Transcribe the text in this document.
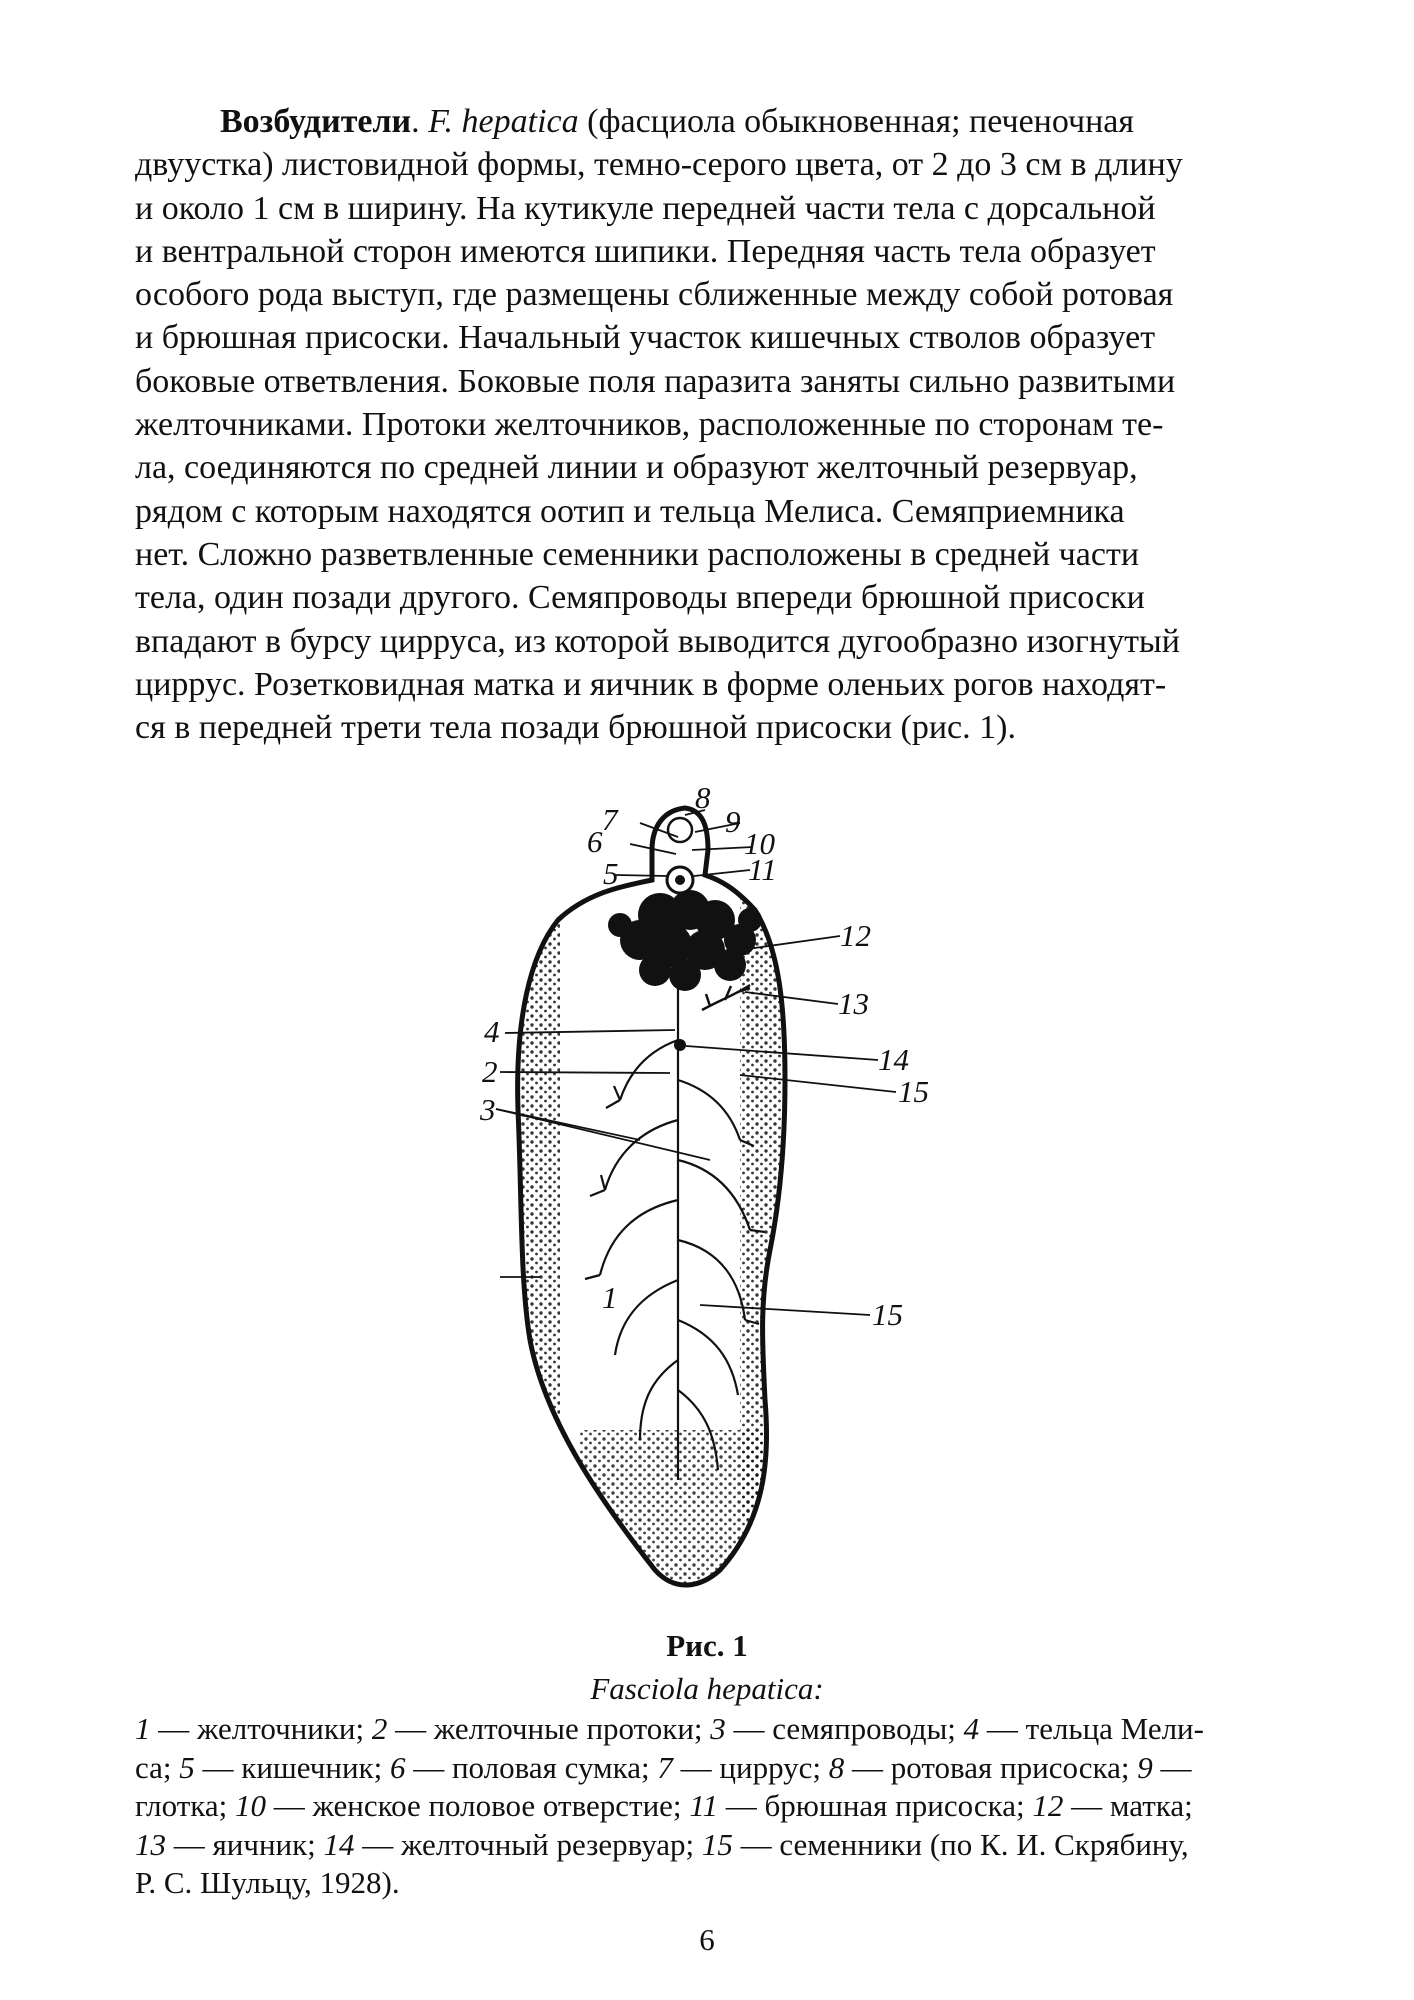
Возбудители. F. hepatica (фасциола обыкновенная; печеночная
двуустка) листовидной формы, темно-серого цвета, от 2 до 3 см в длину
и около 1 см в ширину. На кутикуле передней части тела с дорсальной
и вентральной сторон имеются шипики. Передняя часть тела образует
особого рода выступ, где размещены сближенные между собой ротовая
и брюшная присоски. Начальный участок кишечных стволов образует
боковые ответвления. Боковые поля паразита заняты сильно развитыми
желточниками. Протоки желточников, расположенные по сторонам те-
ла, соединяются по средней линии и образуют желточный резервуар,
рядом с которым находятся оотип и тельца Мелиса. Семяприемника
нет. Сложно разветвленные семенники расположены в средней части
тела, один позади другого. Семяпроводы впереди брюшной присоски
впадают в бурсу цирруса, из которой выводится дугообразно изогнутый
циррус. Розетковидная матка и яичник в форме оленьих рогов находят-
ся в передней трети тела позади брюшной присоски (рис. 1).

1
2
3
4
5
6
7
8
9
10
11
12
13
14
15
15

Рис. 1

Fasciola hepatica:

1 — желточники; 2 — желточные протоки; 3 — семяпроводы; 4 — тельца Мели-
са; 5 — кишечник; 6 — половая сумка; 7 — циррус; 8 — ротовая присоска; 9 —
глотка; 10 — женское половое отверстие; 11 — брюшная присоска; 12 — матка;
13 — яичник; 14 — желточный резервуар; 15 — семенники (по К. И. Скрябину,
Р. С. Шульцу, 1928).

6
